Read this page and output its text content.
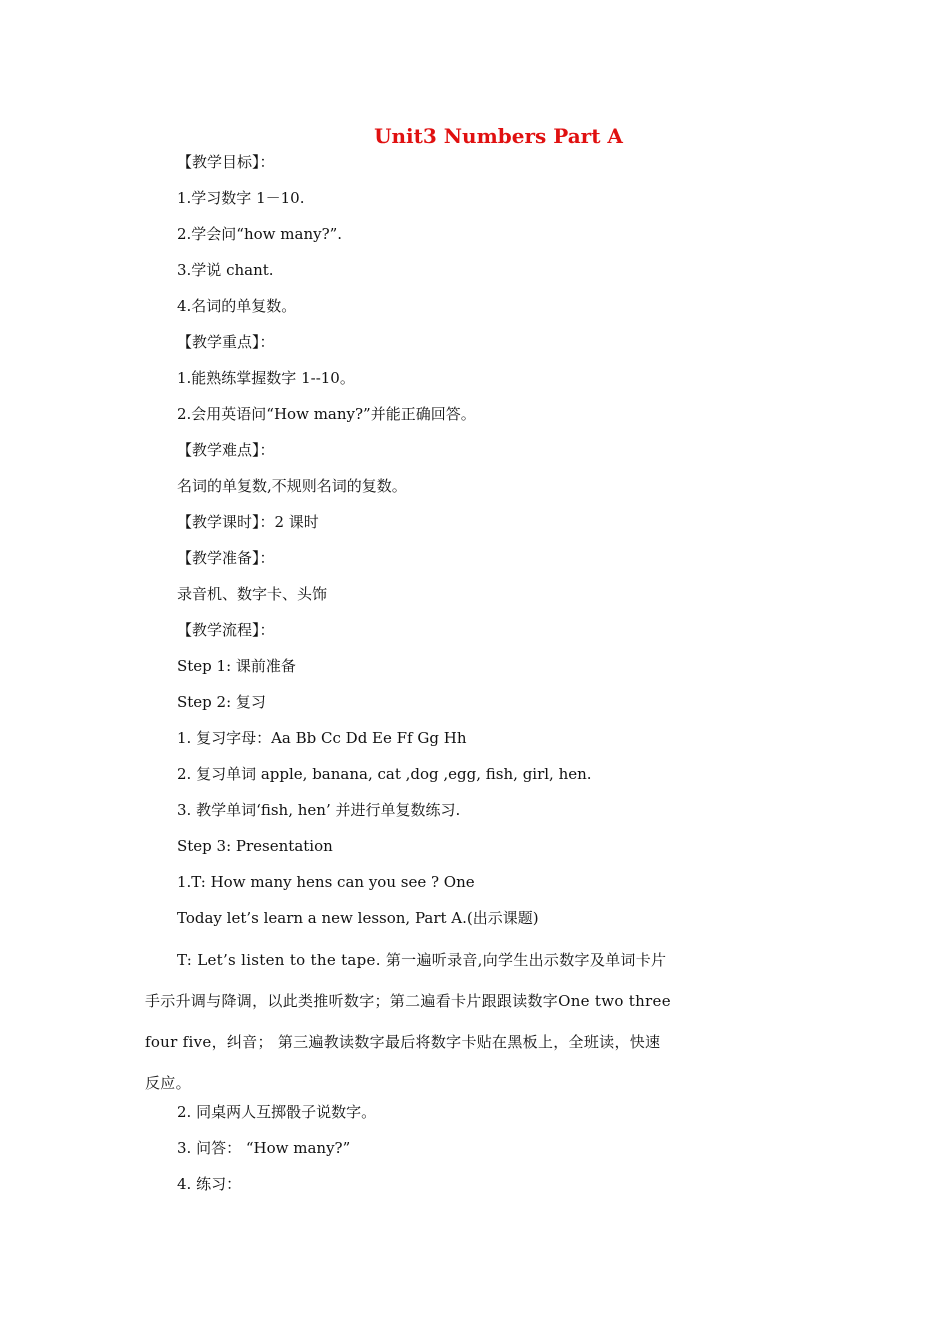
Unit3 Numbers Part A

【教学目标】：

1.学习数字 1－10.

2.学会问“how many?”.

3.学说 chant.

4.名词的单复数。

【教学重点】：

1.能熟练掌握数字 1--10。

2.会用英语问“How many?”并能正确回答。

【教学难点】：

名词的单复数,不规则名词的复数。

【教学课时】：2 课时

【教学准备】：

录音机、数字卡、头饰

【教学流程】：

Step 1: 课前准备

Step 2: 复习

1. 复习字母：Aa Bb Cc Dd Ee Ff Gg Hh

2. 复习单词 apple, banana, cat ,dog ,egg, fish, girl, hen.

3. 教学单词‘fish, hen’ 并进行单复数练习.

Step 3: Presentation

1.T: How many hens can you see ? One

Today let’s learn a new lesson, Part A.(出示课题)

T: Let’s listen to the tape. 第一遍听录音,向学生出示数字及单词卡片手示升调与降调，以此类推听数字；第二遍看卡片跟跟读数字One two three four five，纠音； 第三遍教读数字最后将数字卡贴在黑板上，全班读，快速反应。

2. 同桌两人互掷骰子说数字。

3. 问答： “How many?”

4. 练习：
